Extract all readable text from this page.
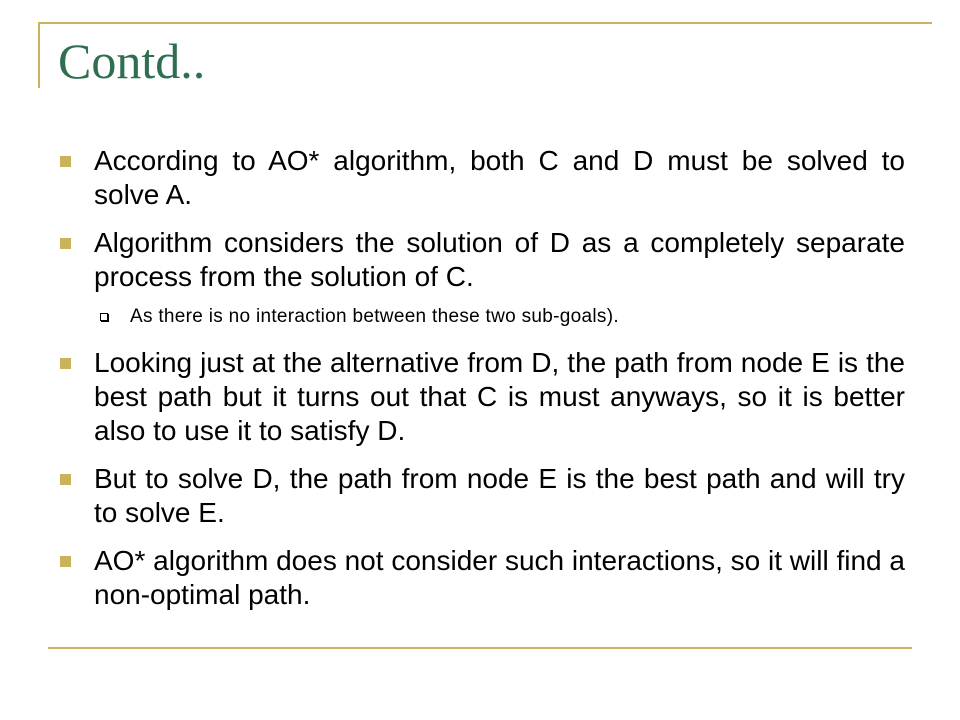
Contd..
According to AO* algorithm, both C and D must be solved to solve A.
Algorithm considers the solution of D as a completely separate process from the solution of C.
As there is no interaction between these two sub-goals).
Looking just at the alternative from D, the path from node E is the best path but it turns out that C is must anyways, so it is better also to use it to satisfy D.
But to solve D, the path from node E is the best path and will try to solve E.
AO* algorithm does not consider such interactions, so it will find a non-optimal path.
